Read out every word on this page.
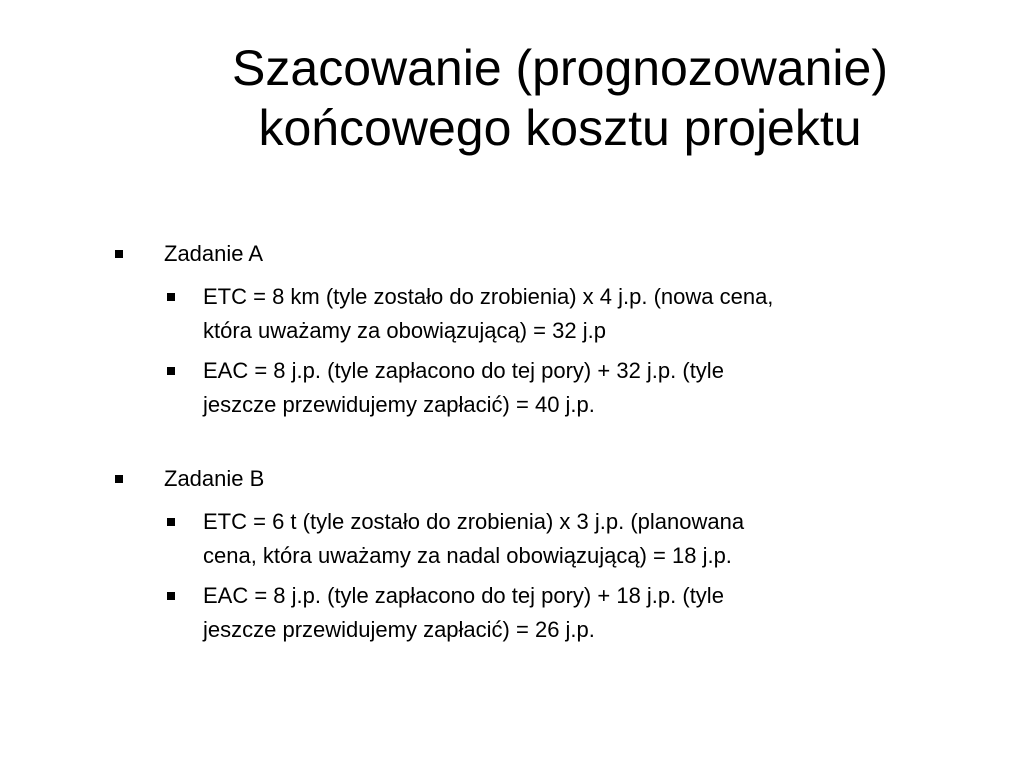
Szacowanie (prognozowanie)
końcowego kosztu projektu
Zadanie A
ETC = 8 km (tyle zostało do zrobienia) x 4 j.p. (nowa cena,
która uważamy za obowiązującą) = 32 j.p
EAC = 8 j.p. (tyle zapłacono do tej pory) + 32 j.p. (tyle
jeszcze przewidujemy zapłacić) = 40 j.p.
Zadanie B
ETC = 6 t (tyle zostało do zrobienia) x 3 j.p. (planowana
cena, która uważamy za nadal obowiązującą) = 18 j.p.
EAC = 8 j.p. (tyle zapłacono do tej pory) + 18 j.p. (tyle
jeszcze przewidujemy zapłacić) = 26 j.p.
